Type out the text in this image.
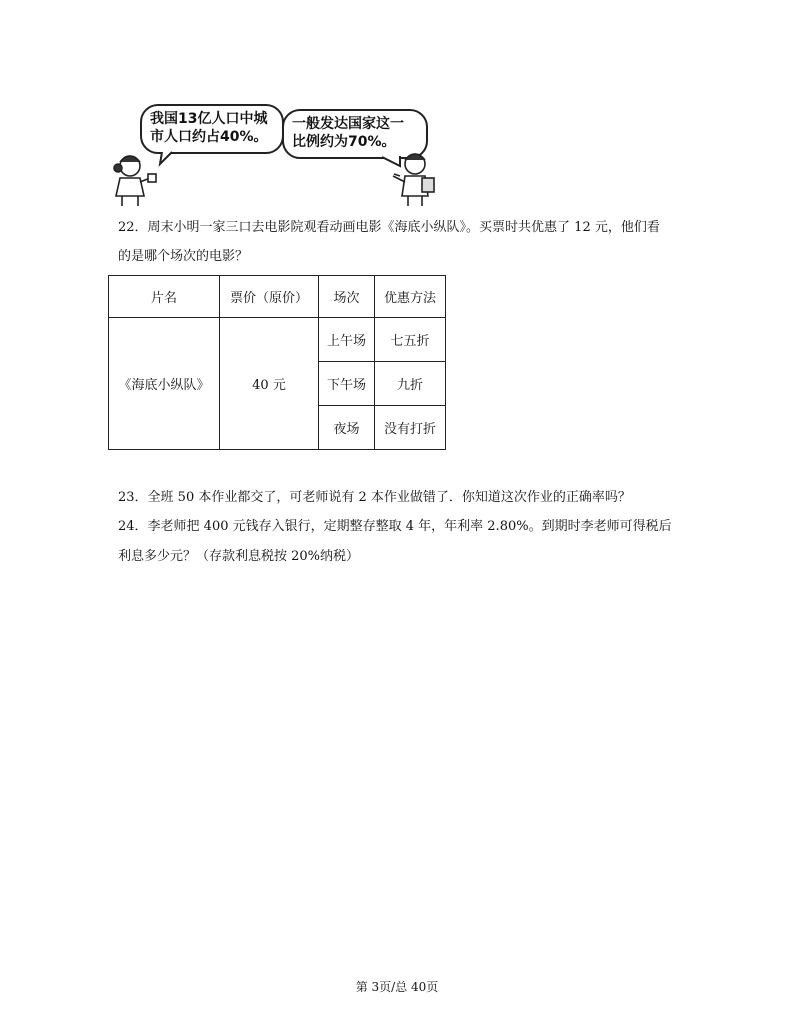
我国13亿人口中城
市人口约占40%。
一般发达国家这一
比例约为70%。
22．周末小明一家三口去电影院观看动画电影《海底小纵队》。买票时共优惠了 12 元，他们看
的是哪个场次的电影？
片名	票价（原价）	场次	优惠方法
《海底小纵队》	40 元	上午场	七五折
		下午场	九折
		夜场	没有打折
23．全班 50 本作业都交了，可老师说有 2 本作业做错了．你知道这次作业的正确率吗？
24．李老师把 400 元钱存入银行，定期整存整取 4 年，年利率 2.80%。到期时李老师可得税后
利息多少元？（存款利息税按 20%纳税）
第 3页/总 40页
